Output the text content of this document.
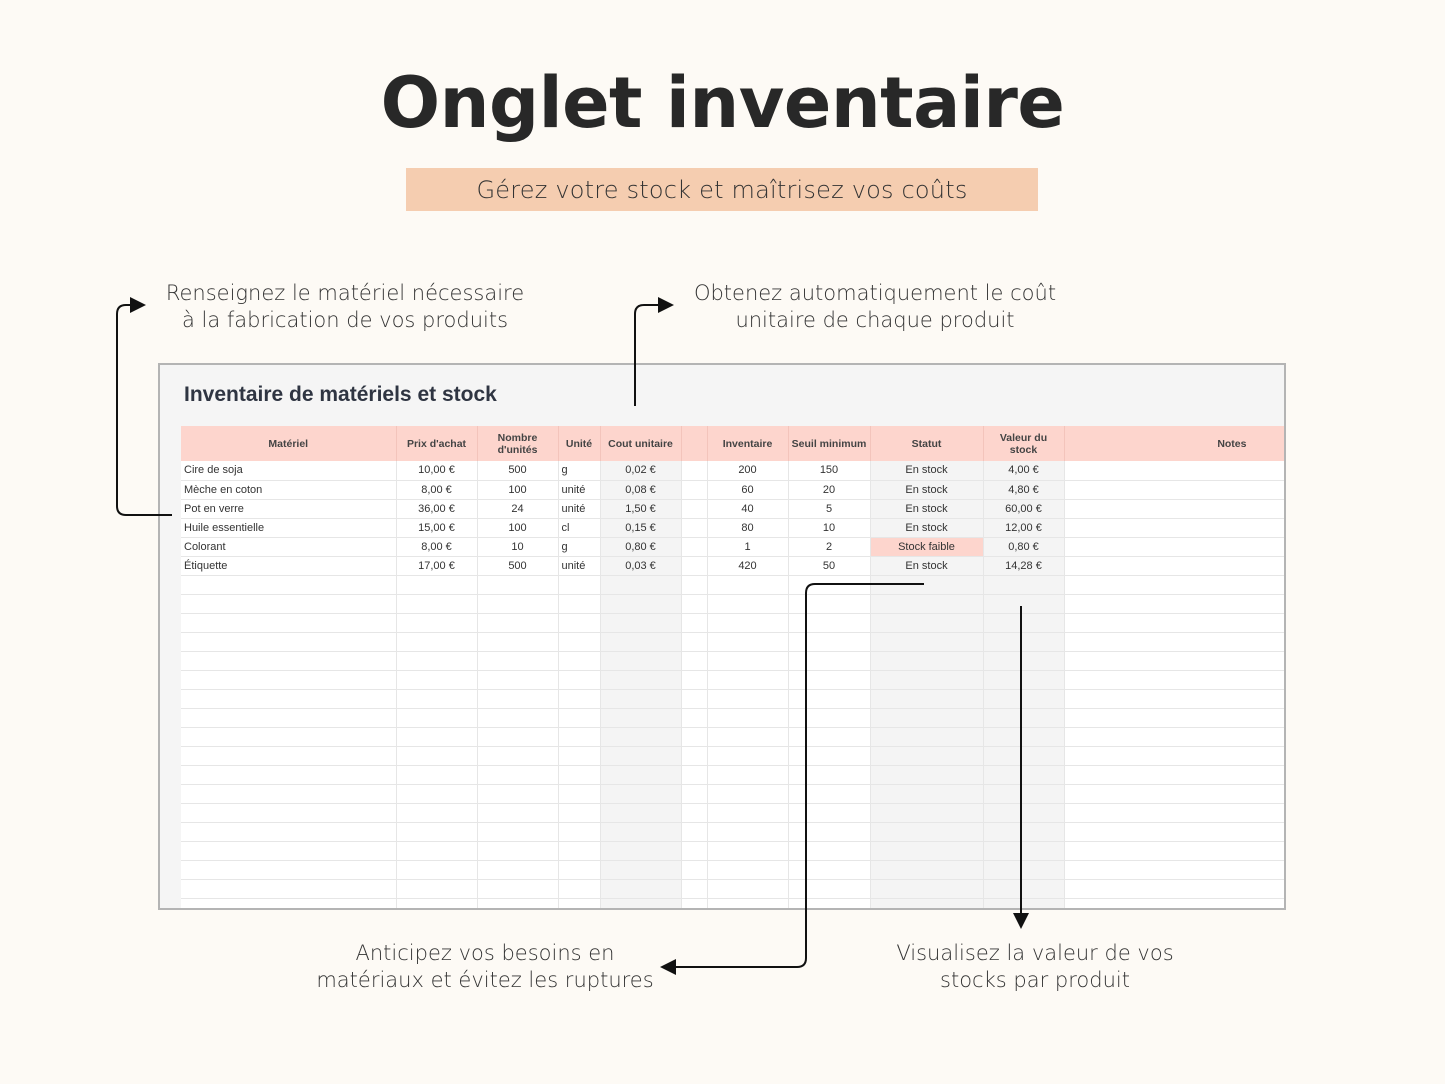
Onglet inventaire
Gérez votre stock et maîtrisez vos coûts
Renseignez le matériel nécessaire
à la fabrication de vos produits
Obtenez automatiquement le coût
unitaire de chaque produit
Anticipez vos besoins en
matériaux et évitez les ruptures
Visualisez la valeur de vos
stocks par produit
Inventaire de matériels et stock
Matériel	Prix d'achat	Nombre d'unités	Unité	Cout unitaire		Inventaire	Seuil minimum	Statut	Valeur du stock	Notes
Cire de soja	10,00 €	500	g	0,02 €		200	150	En stock	4,00 €	
Mèche en coton	8,00 €	100	unité	0,08 €		60	20	En stock	4,80 €	
Pot en verre	36,00 €	24	unité	1,50 €		40	5	En stock	60,00 €	
Huile essentielle	15,00 €	100	cl	0,15 €		80	10	En stock	12,00 €	
Colorant	8,00 €	10	g	0,80 €		1	2	Stock faible	0,80 €	
Étiquette	17,00 €	500	unité	0,03 €		420	50	En stock	14,28 €	
